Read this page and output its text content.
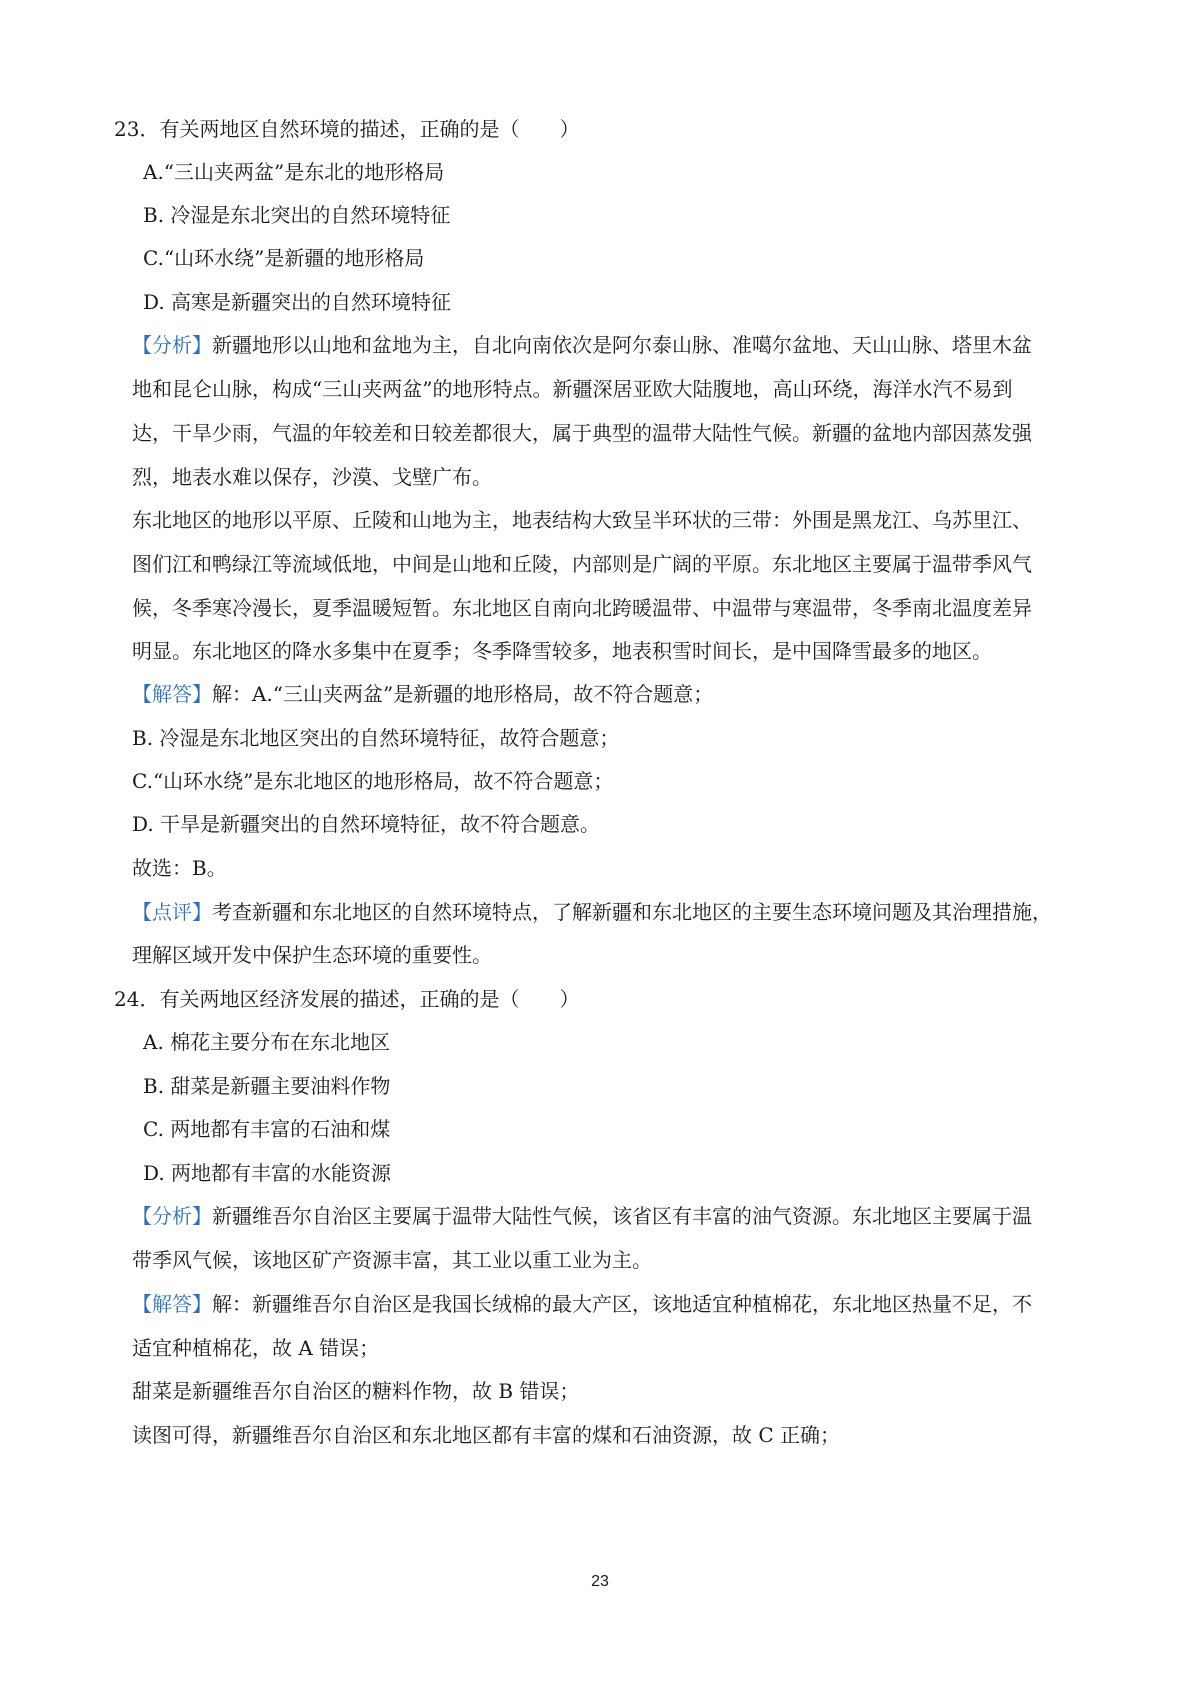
23．有关两地区自然环境的描述，正确的是（　　）
A.“三山夹两盆”是东北的地形格局
B. 冷湿是东北突出的自然环境特征
C.“山环水绕”是新疆的地形格局
D. 高寒是新疆突出的自然环境特征
【分析】新疆地形以山地和盆地为主，自北向南依次是阿尔泰山脉、准噶尔盆地、天山山脉、塔里木盆
地和昆仑山脉，构成“三山夹两盆”的地形特点。新疆深居亚欧大陆腹地，高山环绕，海洋水汽不易到
达，干旱少雨，气温的年较差和日较差都很大，属于典型的温带大陆性气候。新疆的盆地内部因蒸发强
烈，地表水难以保存，沙漠、戈壁广布。
东北地区的地形以平原、丘陵和山地为主，地表结构大致呈半环状的三带：外围是黑龙江、乌苏里江、
图们江和鸭绿江等流域低地，中间是山地和丘陵，内部则是广阔的平原。东北地区主要属于温带季风气
候，冬季寒冷漫长，夏季温暖短暂。东北地区自南向北跨暖温带、中温带与寒温带，冬季南北温度差异
明显。东北地区的降水多集中在夏季；冬季降雪较多，地表积雪时间长，是中国降雪最多的地区。
【解答】解：A.“三山夹两盆”是新疆的地形格局，故不符合题意；
B. 冷湿是东北地区突出的自然环境特征，故符合题意；
C.“山环水绕”是东北地区的地形格局，故不符合题意；
D. 干旱是新疆突出的自然环境特征，故不符合题意。
故选：B。
【点评】考查新疆和东北地区的自然环境特点，了解新疆和东北地区的主要生态环境问题及其治理措施，
理解区域开发中保护生态环境的重要性。
24．有关两地区经济发展的描述，正确的是（　　）
A. 棉花主要分布在东北地区
B. 甜菜是新疆主要油料作物
C. 两地都有丰富的石油和煤
D. 两地都有丰富的水能资源
【分析】新疆维吾尔自治区主要属于温带大陆性气候，该省区有丰富的油气资源。东北地区主要属于温
带季风气候，该地区矿产资源丰富，其工业以重工业为主。
【解答】解：新疆维吾尔自治区是我国长绒棉的最大产区，该地适宜种植棉花，东北地区热量不足，不
适宜种植棉花，故 A 错误；
甜菜是新疆维吾尔自治区的糖料作物，故 B 错误；
读图可得，新疆维吾尔自治区和东北地区都有丰富的煤和石油资源，故 C 正确；
23
